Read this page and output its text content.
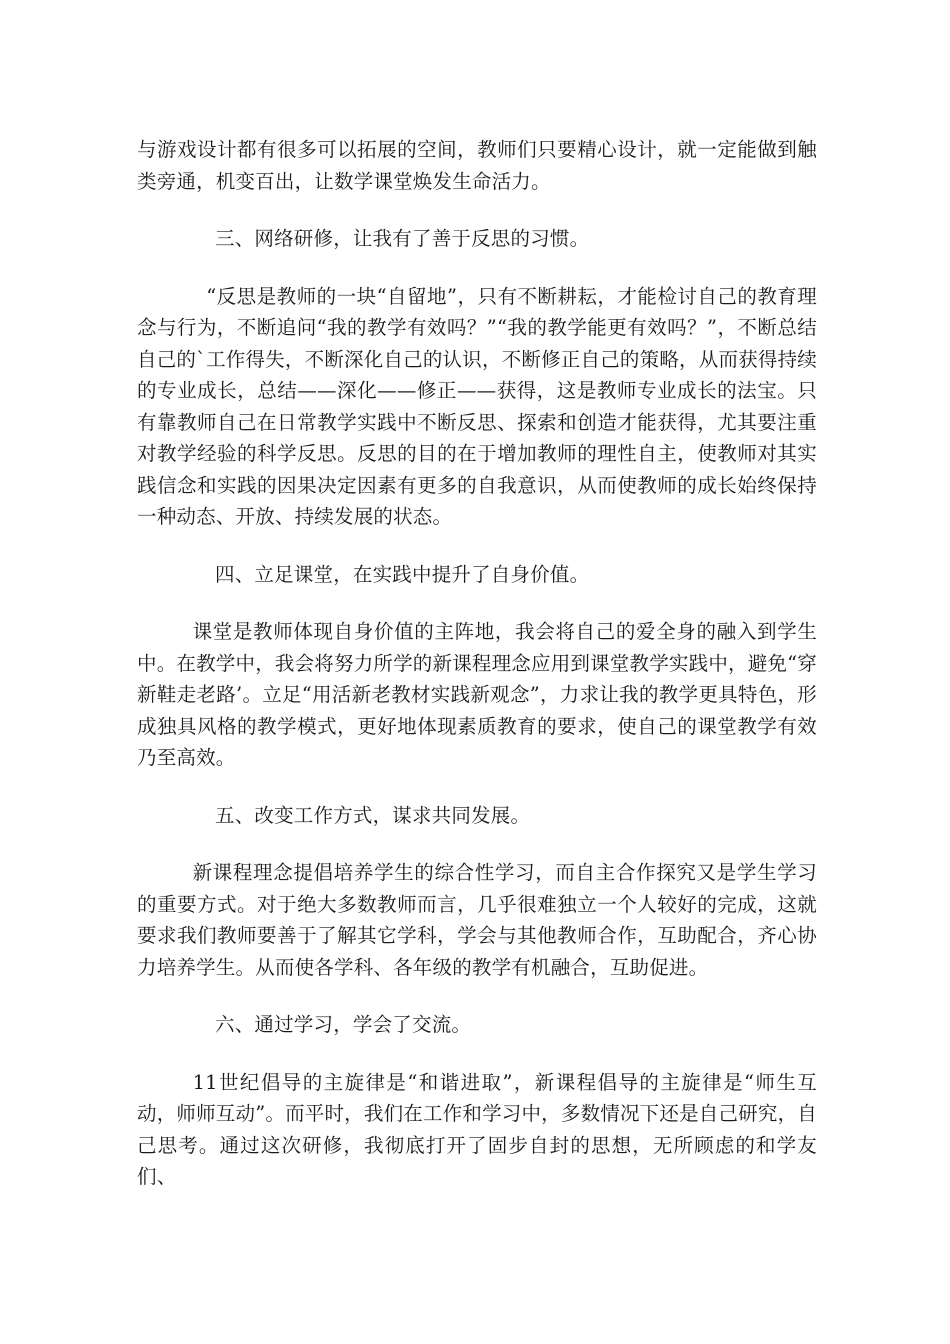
与游戏设计都有很多可以拓展的空间，教师们只要精心设计，就一定能做到触类旁通，机变百出，让数学课堂焕发生命活力。

三、网络研修，让我有了善于反思的习惯。

“反思是教师的一块“自留地”，只有不断耕耘，才能检讨自己的教育理念与行为，不断追问“我的教学有效吗？”“我的教学能更有效吗？”，不断总结自己的`工作得失，不断深化自己的认识，不断修正自己的策略，从而获得持续的专业成长，总结——深化——修正——获得，这是教师专业成长的法宝。只有靠教师自己在日常教学实践中不断反思、探索和创造才能获得，尤其要注重对教学经验的科学反思。反思的目的在于增加教师的理性自主，使教师对其实践信念和实践的因果决定因素有更多的自我意识，从而使教师的成长始终保持一种动态、开放、持续发展的状态。

四、立足课堂，在实践中提升了自身价值。

课堂是教师体现自身价值的主阵地，我会将自己的爱全身的融入到学生中。在教学中，我会将努力所学的新课程理念应用到课堂教学实践中，避免“穿新鞋走老路’。立足“用活新老教材实践新观念”，力求让我的教学更具特色，形成独具风格的教学模式，更好地体现素质教育的要求，使自己的课堂教学有效乃至高效。

五、改变工作方式，谋求共同发展。

新课程理念提倡培养学生的综合性学习，而自主合作探究又是学生学习的重要方式。对于绝大多数教师而言，几乎很难独立一个人较好的完成，这就要求我们教师要善于了解其它学科，学会与其他教师合作，互助配合，齐心协力培养学生。从而使各学科、各年级的教学有机融合，互助促进。

六、通过学习，学会了交流。

11世纪倡导的主旋律是“和谐进取”，新课程倡导的主旋律是“师生互动，师师互动”。而平时，我们在工作和学习中，多数情况下还是自己研究，自己思考。通过这次研修，我彻底打开了固步自封的思想，无所顾虑的和学友们、
